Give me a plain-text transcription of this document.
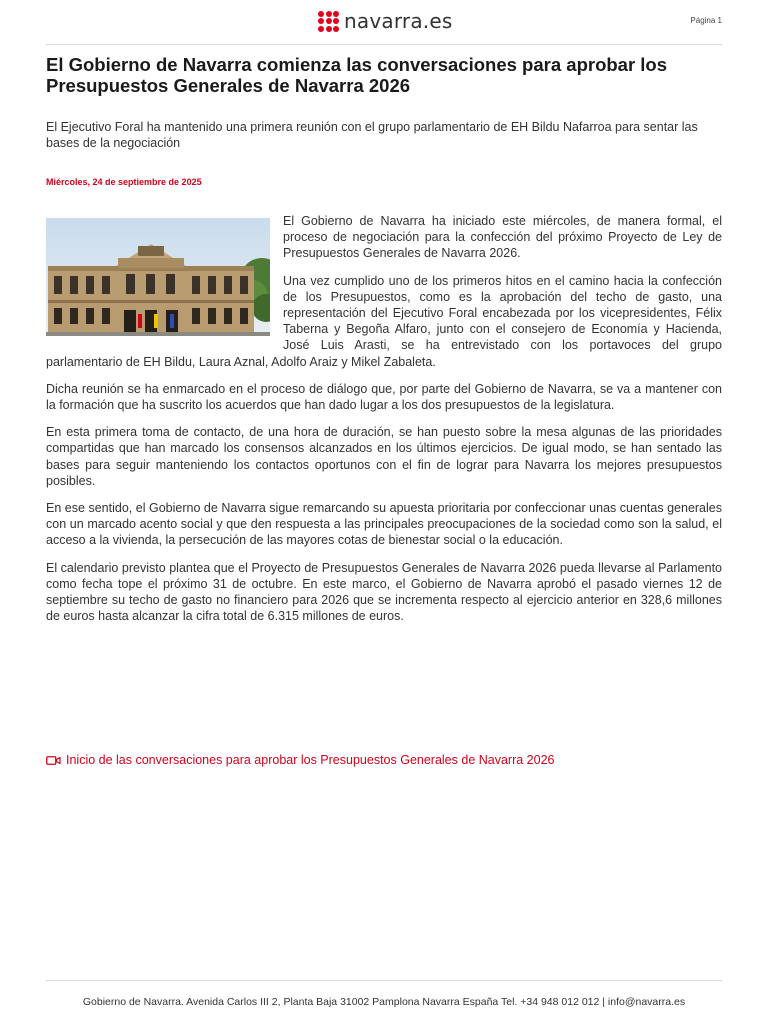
navarra.es	Página 1
El Gobierno de Navarra comienza las conversaciones para aprobar los Presupuestos Generales de Navarra 2026

El Ejecutivo Foral ha mantenido una primera reunión con el grupo parlamentario de EH Bildu Nafarroa para sentar las bases de la negociación

Miércoles, 24 de septiembre de 2025

El Gobierno de Navarra ha iniciado este miércoles, de manera formal, el proceso de negociación para la confección del próximo Proyecto de Ley de Presupuestos Generales de Navarra 2026.

Una vez cumplido uno de los primeros hitos en el camino hacia la confección de los Presupuestos, como es la aprobación del techo de gasto, una representación del Ejecutivo Foral encabezada por los vicepresidentes, Félix Taberna y Begoña Alfaro, junto con el consejero de Economía y Hacienda, José Luis Arasti, se ha entrevistado con los portavoces del grupo parlamentario de EH Bildu, Laura Aznal, Adolfo Araiz y Mikel Zabaleta.

Dicha reunión se ha enmarcado en el proceso de diálogo que, por parte del Gobierno de Navarra, se va a mantener con la formación que ha suscrito los acuerdos que han dado lugar a los dos presupuestos de la legislatura.

En esta primera toma de contacto, de una hora de duración, se han puesto sobre la mesa algunas de las prioridades compartidas que han marcado los consensos alcanzados en los últimos ejercicios. De igual modo, se han sentado las bases para seguir manteniendo los contactos oportunos con el fin de lograr para Navarra los mejores presupuestos posibles.

En ese sentido, el Gobierno de Navarra sigue remarcando su apuesta prioritaria por confeccionar unas cuentas generales con un marcado acento social y que den respuesta a las principales preocupaciones de la sociedad como son la salud, el acceso a la vivienda, la persecución de las mayores cotas de bienestar social o la educación.

El calendario previsto plantea que el Proyecto de Presupuestos Generales de Navarra 2026 pueda llevarse al Parlamento como fecha tope el próximo 31 de octubre. En este marco, el Gobierno de Navarra aprobó el pasado viernes 12 de septiembre su techo de gasto no financiero para 2026 que se incrementa respecto al ejercicio anterior en 328,6 millones de euros hasta alcanzar la cifra total de 6.315 millones de euros.

Inicio de las conversaciones para aprobar los Presupuestos Generales de Navarra 2026
Gobierno de Navarra. Avenida Carlos III 2, Planta Baja 31002 Pamplona Navarra España Tel. +34 948 012 012 | info@navarra.es
